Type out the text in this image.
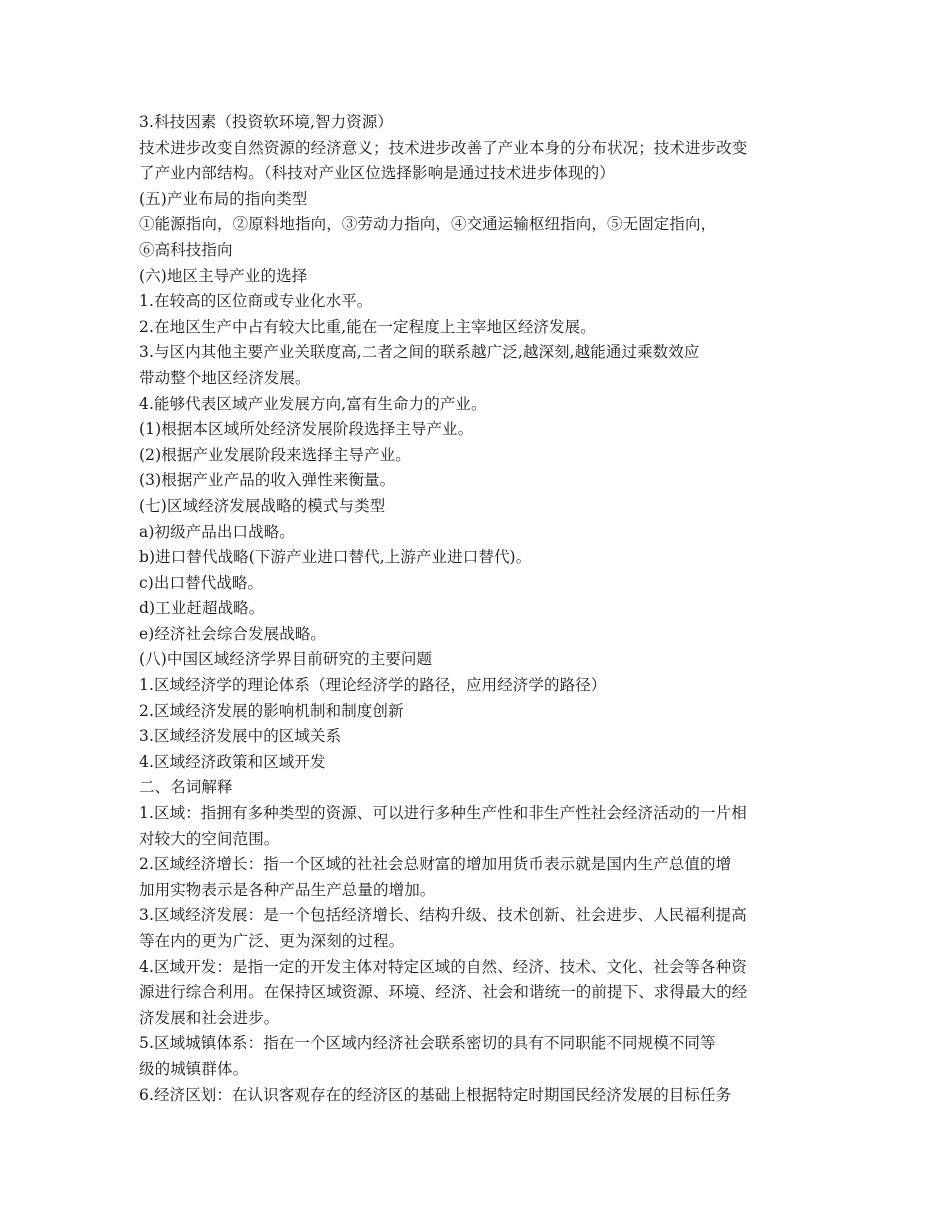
3.科技因素（投资软环境,智力资源）
技术进步改变自然资源的经济意义；技术进步改善了产业本身的分布状况；技术进步改变
了产业内部结构。（科技对产业区位选择影响是通过技术进步体现的）
(五)产业布局的指向类型
①能源指向，②原料地指向，③劳动力指向，④交通运输枢纽指向，⑤无固定指向，
⑥高科技指向
(六)地区主导产业的选择
1.在较高的区位商或专业化水平。
2.在地区生产中占有较大比重,能在一定程度上主宰地区经济发展。
3.与区内其他主要产业关联度高,二者之间的联系越广泛,越深刻,越能通过乘数效应
带动整个地区经济发展。
4.能够代表区域产业发展方向,富有生命力的产业。
(1)根据本区域所处经济发展阶段选择主导产业。
(2)根据产业发展阶段来选择主导产业。
(3)根据产业产品的收入弹性来衡量。
(七)区域经济发展战略的模式与类型
a)初级产品出口战略。
b)进口替代战略(下游产业进口替代,上游产业进口替代)。
c)出口替代战略。
d)工业赶超战略。
e)经济社会综合发展战略。
(八)中国区域经济学界目前研究的主要问题
1.区域经济学的理论体系（理论经济学的路径，应用经济学的路径）
2.区域经济发展的影响机制和制度创新
3.区域经济发展中的区域关系
4.区域经济政策和区域开发
二、名词解释
1.区域：指拥有多种类型的资源、可以进行多种生产性和非生产性社会经济活动的一片相
对较大的空间范围。
2.区域经济增长：指一个区域的社社会总财富的增加用货币表示就是国内生产总值的增
加用实物表示是各种产品生产总量的增加。
3.区域经济发展：是一个包括经济增长、结构升级、技术创新、社会进步、人民福利提高
等在内的更为广泛、更为深刻的过程。
4.区域开发：是指一定的开发主体对特定区域的自然、经济、技术、文化、社会等各种资
源进行综合利用。在保持区域资源、环境、经济、社会和谐统一的前提下、求得最大的经
济发展和社会进步。
5.区域城镇体系：指在一个区域内经济社会联系密切的具有不同职能不同规模不同等
级的城镇群体。
6.经济区划：在认识客观存在的经济区的基础上根据特定时期国民经济发展的目标任务
